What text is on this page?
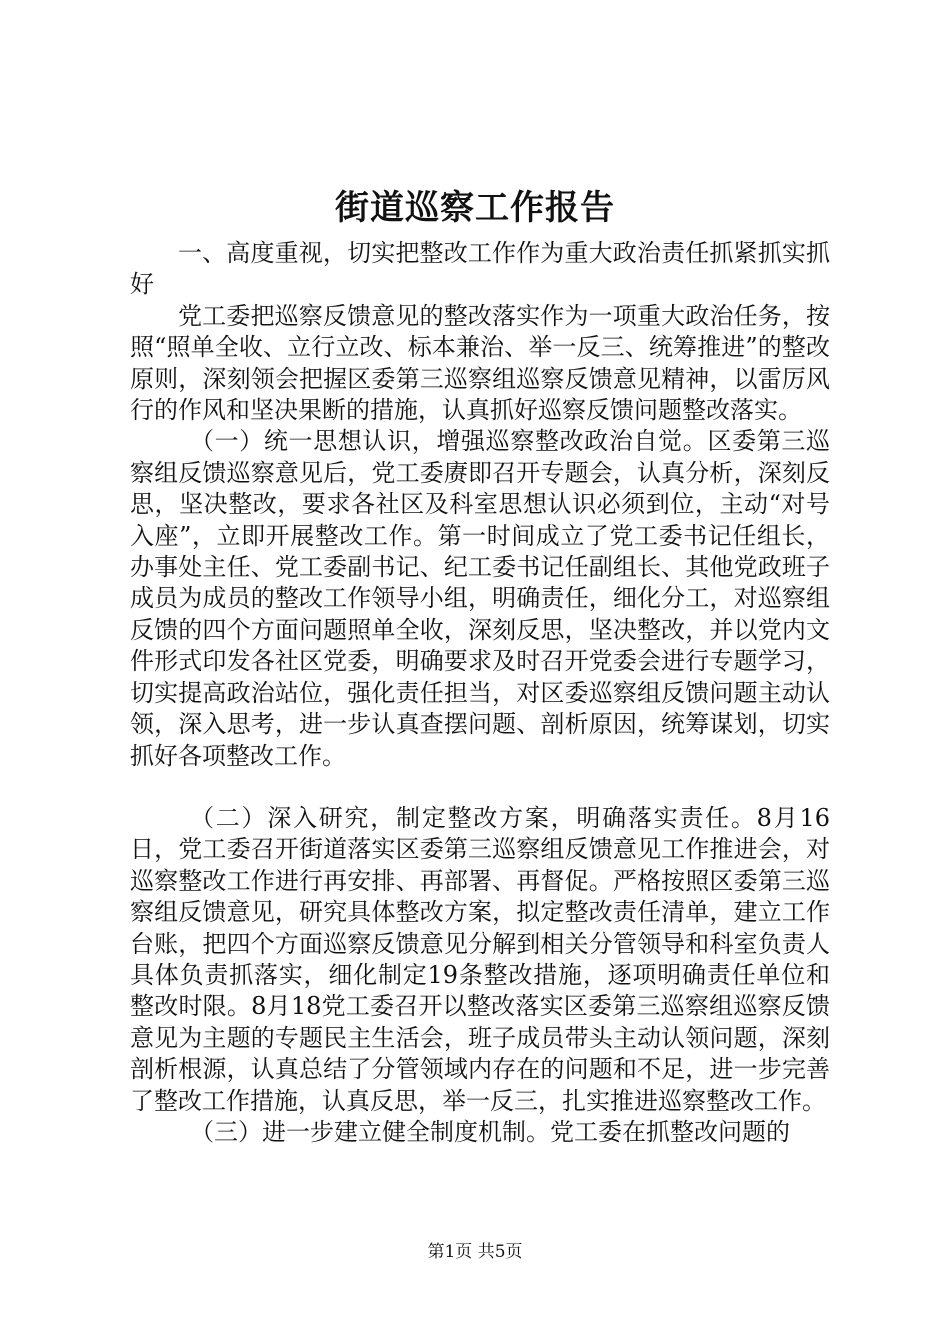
街道巡察工作报告

一、高度重视，切实把整改工作作为重大政治责任抓紧抓实抓好

党工委把巡察反馈意见的整改落实作为一项重大政治任务，按照“照单全收、立行立改、标本兼治、举一反三、统筹推进”的整改原则，深刻领会把握区委第三巡察组巡察反馈意见精神，以雷厉风行的作风和坚决果断的措施，认真抓好巡察反馈问题整改落实。

（一）统一思想认识，增强巡察整改政治自觉。区委第三巡察组反馈巡察意见后，党工委赓即召开专题会，认真分析，深刻反思，坚决整改，要求各社区及科室思想认识必须到位，主动“对号入座”，立即开展整改工作。第一时间成立了党工委书记任组长，办事处主任、党工委副书记、纪工委书记任副组长、其他党政班子成员为成员的整改工作领导小组，明确责任，细化分工，对巡察组反馈的四个方面问题照单全收，深刻反思，坚决整改，并以党内文件形式印发各社区党委，明确要求及时召开党委会进行专题学习，切实提高政治站位，强化责任担当，对区委巡察组反馈问题主动认领，深入思考，进一步认真查摆问题、剖析原因，统筹谋划，切实抓好各项整改工作。

（二）深入研究，制定整改方案，明确落实责任。8月16日，党工委召开街道落实区委第三巡察组反馈意见工作推进会，对巡察整改工作进行再安排、再部署、再督促。严格按照区委第三巡察组反馈意见，研究具体整改方案，拟定整改责任清单，建立工作台账，把四个方面巡察反馈意见分解到相关分管领导和科室负责人具体负责抓落实，细化制定19条整改措施，逐项明确责任单位和整改时限。8月18党工委召开以整改落实区委第三巡察组巡察反馈意见为主题的专题民主生活会，班子成员带头主动认领问题，深刻剖析根源，认真总结了分管领域内存在的问题和不足，进一步完善了整改工作措施，认真反思，举一反三，扎实推进巡察整改工作。

（三）进一步建立健全制度机制。党工委在抓整改问题的

第1页 共5页
